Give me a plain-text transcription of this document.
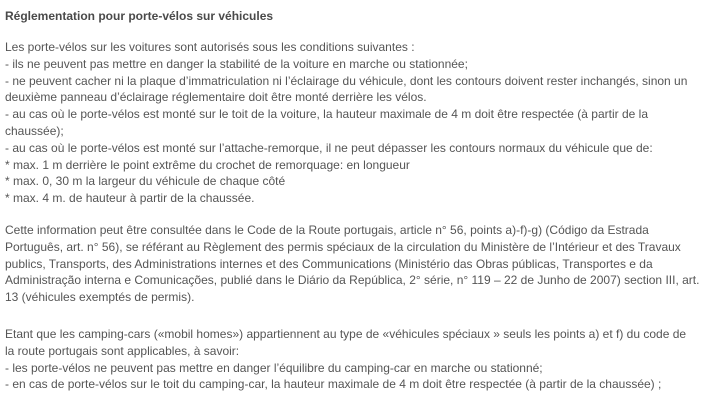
Réglementation pour porte-vélos sur véhicules
Les porte-vélos sur les voitures sont autorisés sous les conditions suivantes :
- ils ne peuvent pas mettre en danger la stabilité de la voiture en marche ou stationnée;
- ne peuvent cacher ni la plaque d’immatriculation ni l’éclairage du véhicule, dont les contours doivent rester inchangés, sinon un
deuxième panneau d’éclairage réglementaire doit être monté derrière les vélos.
- au cas où le porte-vélos est monté sur le toit de la voiture, la hauteur maximale de 4 m doit être respectée (à partir de la
chaussée);
- au cas où le porte-vélos est monté sur l’attache-remorque, il ne peut dépasser les contours normaux du véhicule que de:
* max. 1 m derrière le point extrême du crochet de remorquage: en longueur
* max. 0, 30 m la largeur du véhicule de chaque côté
* max. 4 m. de hauteur à partir de la chaussée.
Cette information peut être consultée dans le Code de la Route portugais, article n° 56, points a)-f)-g) (Código da Estrada
Português, art. n° 56), se référant au Règlement des permis spéciaux de la circulation du Ministère de l’Intérieur et des Travaux
publics, Transports, des Administrations internes et des Communications (Ministério das Obras públicas, Transportes e da
Administração interna e Comunicações, publié dans le Diário da República, 2° série, n° 119 – 22 de Junho de 2007) section III, art.
13 (véhicules exemptés de permis).
Etant que les camping-cars («mobil homes») appartiennent au type de «véhicules spéciaux » seuls les points a) et f) du code de
la route portugais sont applicables, à savoir:
- les porte-vélos ne peuvent pas mettre en danger l’équilibre du camping-car en marche ou stationné;
- en cas de porte-vélos sur le toit du camping-car, la hauteur maximale de 4 m doit être respectée (à partir de la chaussée) ;
